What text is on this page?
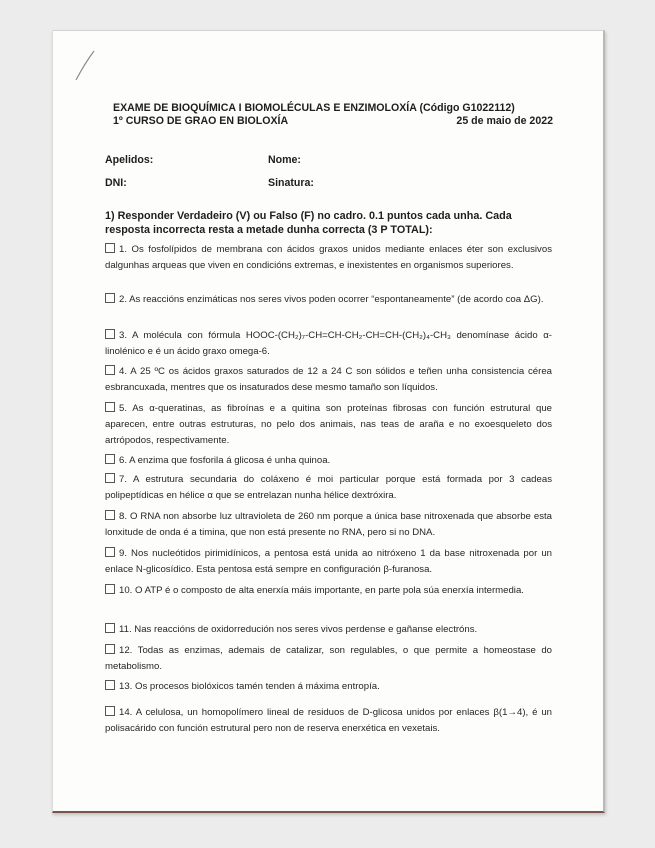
EXAME DE BIOQUÍMICA I BIOMOLÉCULAS E ENZIMOLOXÍA (Código G1022112)
1º CURSO DE GRAO EN BIOLOXÍA	25 de maio de 2022
Apelidos:	Nome:
DNI:	Sinatura:
1) Responder Verdadeiro (V) ou Falso (F) no cadro. 0.1 puntos cada unha. Cada
resposta incorrecta resta a metade dunha correcta (3 P TOTAL):
1. Os fosfolípidos de membrana con ácidos graxos unidos mediante enlaces éter son exclusivos dalgunhas arqueas que viven en condicións extremas, e inexistentes en organismos superiores.
2. As reaccións enzimáticas nos seres vivos poden ocorrer “espontaneamente” (de acordo coa ΔG).
3. A molécula con fórmula HOOC-(CH₂)₇-CH=CH-CH₂-CH=CH-(CH₂)₄-CH₃ denomínase ácido α-linolénico e é un ácido graxo omega-6.
4. A 25 ºC os ácidos graxos saturados de 12 a 24 C son sólidos e teñen unha consistencia cérea esbrancuxada, mentres que os insaturados dese mesmo tamaño son líquidos.
5. As α-queratinas, as fibroínas e a quitina son proteínas fibrosas con función estrutural que aparecen, entre outras estruturas, no pelo dos animais, nas teas de araña e no exoesqueleto dos artrópodos, respectivamente.
6. A enzima que fosforila á glicosa é unha quinoa.
7. A estrutura secundaria do coláxeno é moi particular porque está formada por 3 cadeas polipeptídicas en hélice α que se entrelazan nunha hélice dextróxira.
8. O RNA non absorbe luz ultravioleta de 260 nm porque a única base nitroxenada que absorbe esta lonxitude de onda é a timina, que non está presente no RNA, pero si no DNA.
9. Nos nucleótidos pirimidínicos, a pentosa está unida ao nitróxeno 1 da base nitroxenada por un enlace N-glicosídico. Esta pentosa está sempre en configuración β-furanosa.
10. O ATP é o composto de alta enerxía máis importante, en parte pola súa enerxía intermedia.
11. Nas reaccións de oxidorredución nos seres vivos perdense e gañanse electróns.
12. Todas as enzimas, ademais de catalizar, son regulables, o que permite a homeostase do metabolismo.
13. Os procesos biolóxicos tamén tenden á máxima entropía.
14. A celulosa, un homopolímero lineal de residuos de D-glicosa unidos por enlaces β(1→4), é un polisacárido con función estrutural pero non de reserva enerxética en vexetais.
